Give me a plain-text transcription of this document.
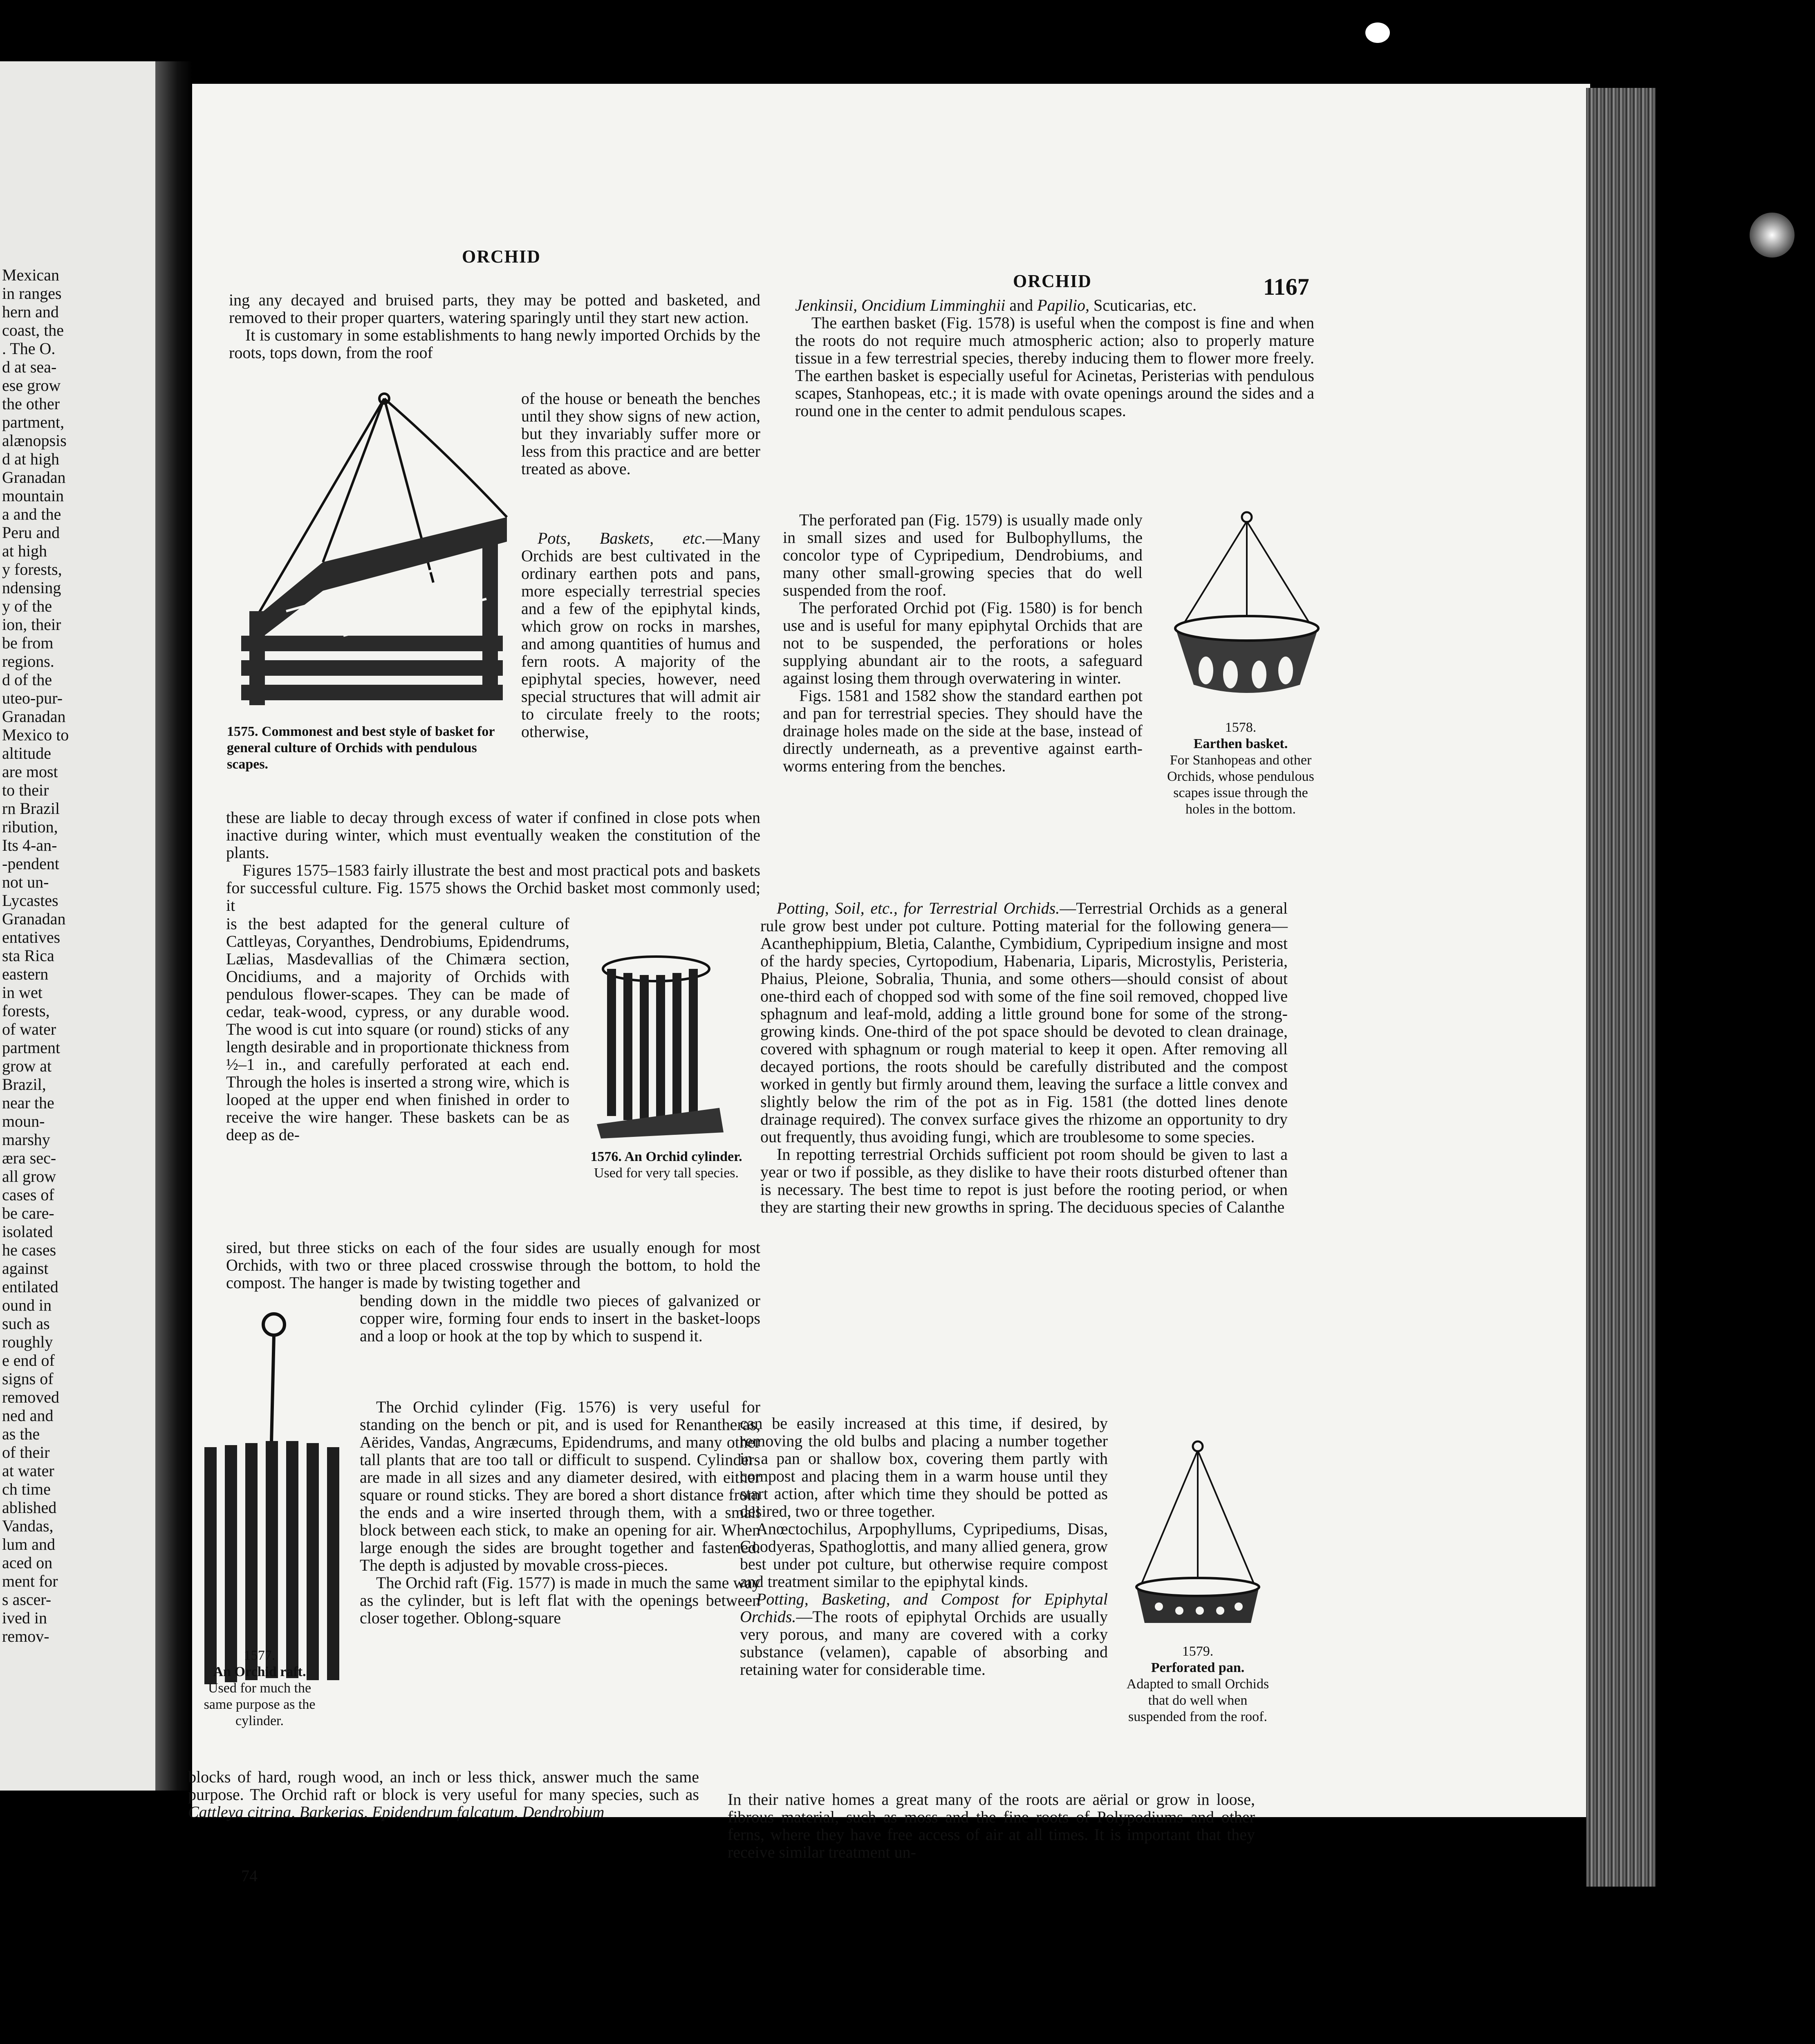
Mexican
in ranges
hern and
coast, the
. The O.
d at sea-
ese grow
the other
partment,
alænopsis
d at high
Granadan
mountain
a and the
Peru and
at high
y forests,
ndensing
y of the
ion, their
be from
regions.
d of the
uteo-pur-
Granadan
Mexico to
altitude
are most
to their
rn Brazil
ribution,
Its 4-an-
-pendent
not un-
Lycastes
Granadan
entatives
sta Rica
eastern
in wet
forests,
of water
partment
grow at
Brazil,
near the
moun-
marshy
æra sec-
all grow
cases of
be care-
isolated
he cases
against
entilated
ound in
such as
roughly
e end of
signs of
removed
ned and
as the
of their
at water
ch time
ablished
Vandas,
lum and
aced on
ment for
s ascer-
ived in
remov-
ORCHID
ORCHID	1167

ing any decayed and bruised parts, they may be potted and basketed, and removed to their proper quarters, watering sparingly until they start new action.

It is customary in some establishments to hang newly imported Orchids by the roots, tops down, from the roof

of the house or beneath the benches until they show signs of new action, but they invariably suffer more or less from this practice and are better treated as above.

Pots, Baskets, etc.—Many Orchids are best cultivated in the ordinary earthen pots and pans, more especially terrestrial species and a few of the epiphytal kinds, which grow on rocks in marshes, and among quantities of humus and fern roots. A majority of the epiphytal species, however, need special structures that will admit air to circulate freely to the roots; otherwise,

1575. Commonest and best style of basket for general culture of Orchids with pendulous scapes.

these are liable to decay through excess of water if confined in close pots when inactive during winter, which must eventually weaken the constitution of the plants.

Figures 1575–1583 fairly illustrate the best and most practical pots and baskets for successful culture. Fig. 1575 shows the Orchid basket most commonly used; it

is the best adapted for the general culture of Cattleyas, Coryanthes, Dendrobiums, Epidendrums, Lælias, Masdevallias of the Chimæra section, Oncidiums, and a majority of Orchids with pendulous flower-scapes. They can be made of cedar, teak-wood, cypress, or any durable wood. The wood is cut into square (or round) sticks of any length desirable and in proportionate thickness from ½–1 in., and carefully perforated at each end. Through the holes is inserted a strong wire, which is looped at the upper end when finished in order to receive the wire hanger. These baskets can be as deep as de-
1576. An Orchid cylinder.
Used for very tall species.
sired, but three sticks on each of the four sides are usually enough for most Orchids, with two or three placed crosswise through the bottom, to hold the compost. The hanger is made by twisting together and
1577.
An Orchid raft.
Used for much the same purpose as the cylinder.
bending down in the middle two pieces of galvanized or copper wire, forming four ends to insert in the basket-loops and a loop or hook at the top by which to suspend it.

The Orchid cylinder (Fig. 1576) is very useful for standing on the bench or pit, and is used for Renantheras, Aërides, Vandas, Angræcums, Epidendrums, and many other tall plants that are too tall or difficult to suspend. Cylinders are made in all sizes and any diameter desired, with either square or round sticks. They are bored a short distance from the ends and a wire inserted through them, with a small block between each stick, to make an opening for air. When large enough the sides are brought together and fastened. The depth is adjusted by movable cross-pieces.

The Orchid raft (Fig. 1577) is made in much the same way as the cylinder, but is left flat with the openings between closer together. Oblong-square

blocks of hard, rough wood, an inch or less thick, answer much the same purpose. The Orchid raft or block is very useful for many species, such as Cattleya citrina, Barkerias, Epidendrum falcatum, Dendrobium

74

Jenkinsii, Oncidium Limminghii and Papilio, Scuticarias, etc.

The earthen basket (Fig. 1578) is useful when the compost is fine and when the roots do not require much atmospheric action; also to properly mature tissue in a few terrestrial species, thereby inducing them to flower more freely. The earthen basket is especially useful for Acinetas, Peristerias with pendulous scapes, Stanhopeas, etc.; it is made with ovate openings around the sides and a round one in the center to admit pendulous scapes.

The perforated pan (Fig. 1579) is usually made only in small sizes and used for Bulbophyllums, the concolor type of Cypripedium, Dendrobiums, and many other small-growing species that do well suspended from the roof.

The perforated Orchid pot (Fig. 1580) is for bench use and is useful for many epiphytal Orchids that are not to be suspended, the perforations or holes supplying abundant air to the roots, a safeguard against losing them through overwatering in winter.

Figs. 1581 and 1582 show the standard earthen pot and pan for terrestrial species. They should have the drainage holes made on the side at the base, instead of directly underneath, as a preventive against earth-worms entering from the benches.

1578.
Earthen basket.
For Stanhopeas and other Orchids, whose pendulous scapes issue through the holes in the bottom.

Potting, Soil, etc., for Terrestrial Orchids.—Terrestrial Orchids as a general rule grow best under pot culture. Potting material for the following genera—Acanthephippium, Bletia, Calanthe, Cymbidium, Cypripedium insigne and most of the hardy species, Cyrtopodium, Habenaria, Liparis, Microstylis, Peristeria, Phaius, Pleione, Sobralia, Thunia, and some others—should consist of about one-third each of chopped sod with some of the fine soil removed, chopped live sphagnum and leaf-mold, adding a little ground bone for some of the strong-growing kinds. One-third of the pot space should be devoted to clean drainage, covered with sphagnum or rough material to keep it open. After removing all decayed portions, the roots should be carefully distributed and the compost worked in gently but firmly around them, leaving the surface a little convex and slightly below the rim of the pot as in Fig. 1581 (the dotted lines denote drainage required). The convex surface gives the rhizome an opportunity to dry out frequently, thus avoiding fungi, which are troublesome to some species.

In repotting terrestrial Orchids sufficient pot room should be given to last a year or two if possible, as they dislike to have their roots disturbed oftener than is necessary. The best time to repot is just before the rooting period, or when they are starting their new growths in spring. The deciduous species of Calanthe

can be easily increased at this time, if desired, by removing the old bulbs and placing a number together in a pan or shallow box, covering them partly with compost and placing them in a warm house until they start action, after which time they should be potted as desired, two or three together.

Anœctochilus, Arpophyllums, Cypripediums, Disas, Goodyeras, Spathoglottis, and many allied genera, grow best under pot culture, but otherwise require compost and treatment similar to the epiphytal kinds.

Potting, Basketing, and Compost for Epiphytal Orchids.—The roots of epiphytal Orchids are usually very porous, and many are covered with a corky substance (velamen), capable of absorbing and retaining water for considerable time.

1579.
Perforated pan.
Adapted to small Orchids that do well when suspended from the roof.
In their native homes a great many of the roots are aërial or grow in loose, fibrous material, such as moss and the fine roots of Polypodiums and other ferns, where they have free access of air at all times. It is important that they receive similar treatment un-
